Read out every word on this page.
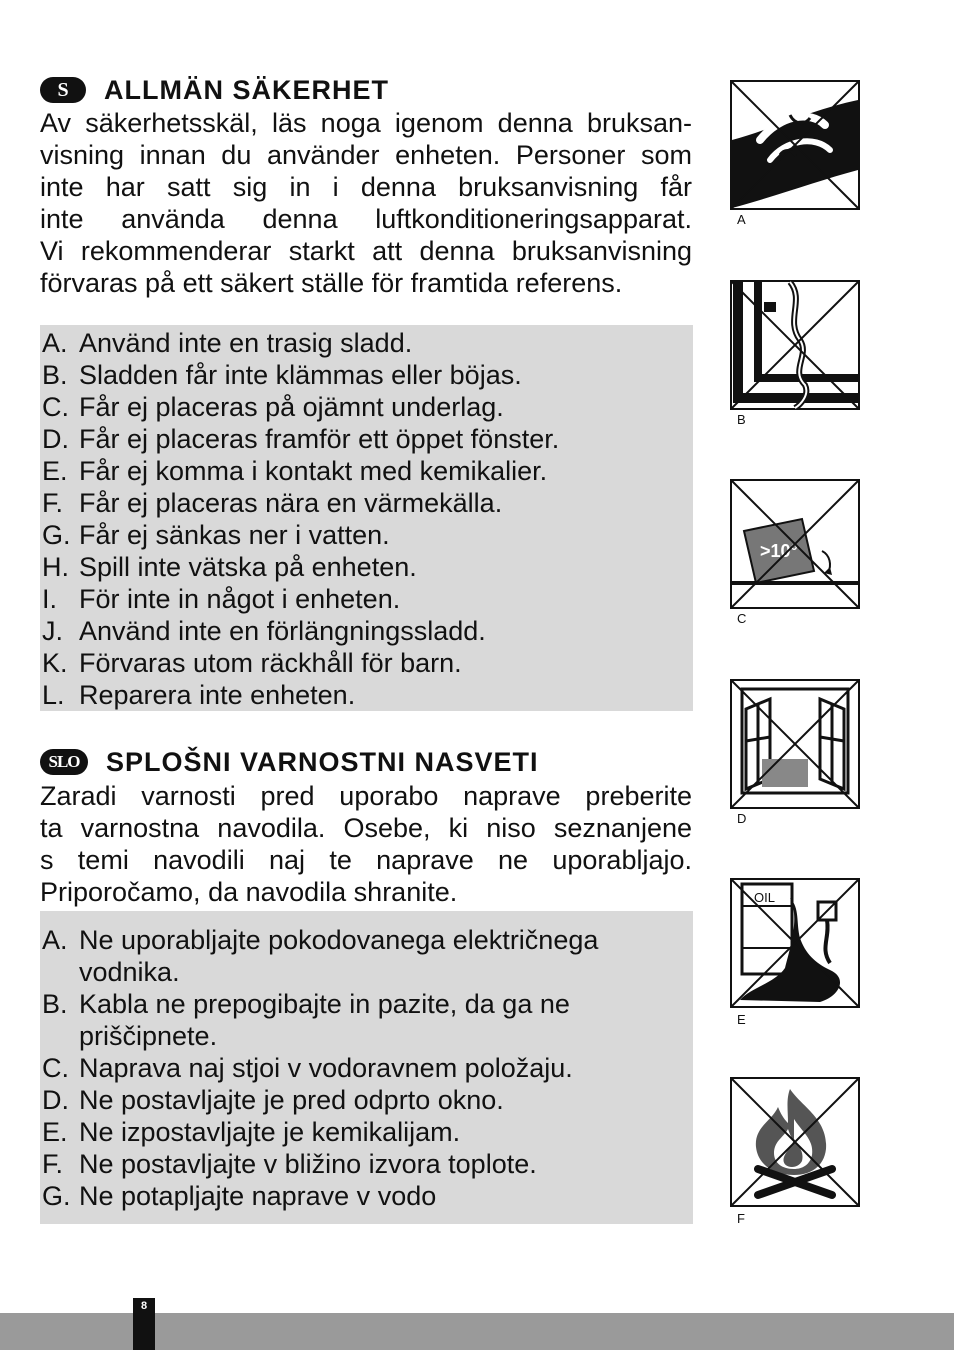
S	ALLMÄN SÄKERHET

Av säkerhetsskäl, läs noga igenom denna bruksan-
visning innan du använder enheten. Personer som
inte har satt sig in i denna bruksanvisning får
inte använda denna luftkonditioneringsapparat.
Vi rekommenderar starkt att denna bruksanvisning
förvaras på ett säkert ställe för framtida referens.

A. Använd inte en trasig sladd.
B. Sladden får inte klämmas eller böjas.
C. Får ej placeras på ojämnt underlag.
D. Får ej placeras framför ett öppet fönster.
E. Får ej komma i kontakt med kemikalier.
F. Får ej placeras nära en värmekälla.
G. Får ej sänkas ner i vatten.
H. Spill inte vätska på enheten.
I. För inte in något i enheten.
J. Använd inte en förlängningssladd.
K. Förvaras utom räckhåll för barn.
L. Reparera inte enheten.
SLO SPLOŠNI VARNOSTNI NASVETI

Zaradi varnosti pred uporabo naprave preberite
ta varnostna navodila. Osebe, ki niso seznanjene
s temi navodili naj te naprave ne uporabljajo.
Priporočamo, da navodila shranite.

A. Ne uporabljajte pokodovanega električnega vodnika.
B. Kabla ne prepogibajte in pazite, da ga ne priščipnete.
C. Naprava naj stjoi v vodoravnem položaju.
D. Ne postavljajte je pred odprto okno.
E. Ne izpostavljajte je kemikalijam.
F. Ne postavljajte v bližino izvora toplote.
G. Ne potapljajte naprave v vodo
A
B
>10°
C
D
OIL
E
F
8
